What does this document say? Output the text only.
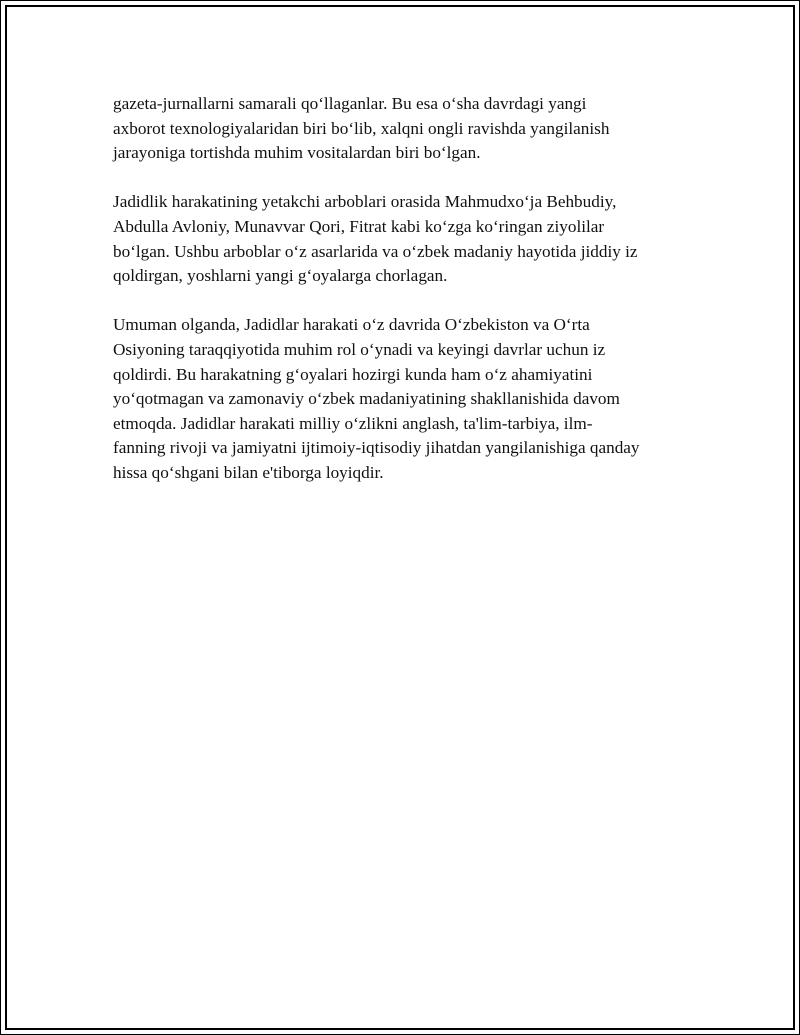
gazeta-jurnallarni samarali qo‘llaganlar. Bu esa o‘sha davrdagi yangi
axborot texnologiyalaridan biri bo‘lib, xalqni ongli ravishda yangilanish
jarayoniga tortishda muhim vositalardan biri bo‘lgan.

Jadidlik harakatining yetakchi arboblari orasida Mahmudxo‘ja Behbudiy,
Abdulla Avloniy, Munavvar Qori, Fitrat kabi ko‘zga ko‘ringan ziyolilar
bo‘lgan. Ushbu arboblar o‘z asarlarida va o‘zbek madaniy hayotida jiddiy iz
qoldirgan, yoshlarni yangi g‘oyalarga chorlagan.

Umuman olganda, Jadidlar harakati o‘z davrida O‘zbekiston va O‘rta
Osiyoning taraqqiyotida muhim rol o‘ynadi va keyingi davrlar uchun iz
qoldirdi. Bu harakatning g‘oyalari hozirgi kunda ham o‘z ahamiyatini
yo‘qotmagan va zamonaviy o‘zbek madaniyatining shakllanishida davom
etmoqda. Jadidlar harakati milliy o‘zlikni anglash, ta'lim-tarbiya, ilm-
fanning rivoji va jamiyatni ijtimoiy-iqtisodiy jihatdan yangilanishiga qanday
hissa qo‘shgani bilan e'tiborga loyiqdir.
